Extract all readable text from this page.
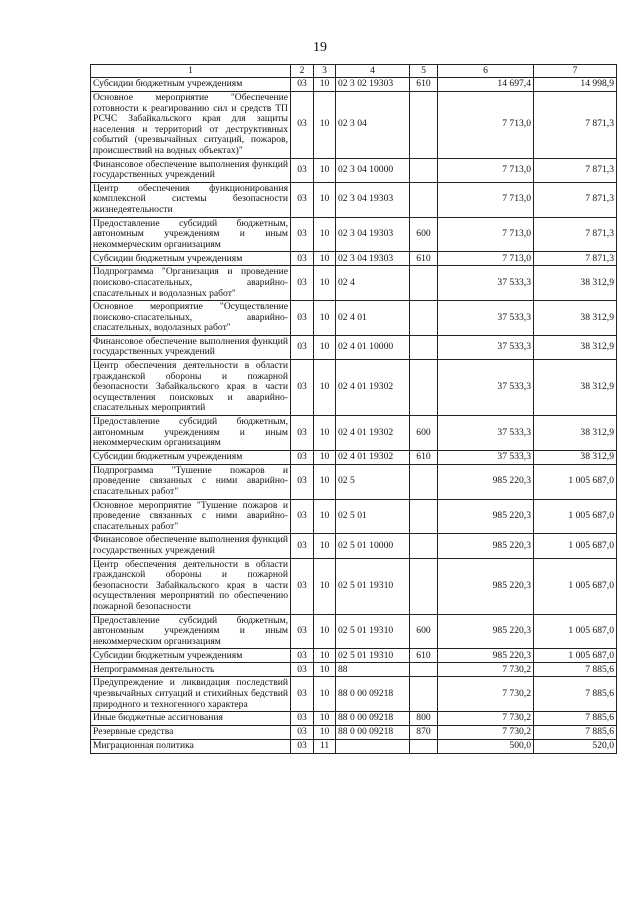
19
1	2	3	4	5	6	7
Субсидии бюджетным учреждениям	03	10	02 3 02 19303	610	14 697,4	14 998,9
Основное мероприятие "Обеспечение готовности к реагированию сил и средств ТП РСЧС Забайкальского края для защиты населения и территорий от деструктивных событий (чрезвычайных ситуаций, пожаров, происшествий на водных объектах)"	03	10	02 3 04		7 713,0	7 871,3
Финансовое обеспечение выполнения функций государственных учреждений	03	10	02 3 04 10000		7 713,0	7 871,3
Центр обеспечения функционирования комплексной системы безопасности жизнедеятельности	03	10	02 3 04 19303		7 713,0	7 871,3
Предоставление субсидий бюджетным, автономным учреждениям и иным некоммерческим организациям	03	10	02 3 04 19303	600	7 713,0	7 871,3
Субсидии бюджетным учреждениям	03	10	02 3 04 19303	610	7 713,0	7 871,3
Подпрограмма "Организация и проведение поисково-спасательных, аварийно-спасательных и водолазных работ"	03	10	02 4		37 533,3	38 312,9
Основное мероприятие "Осуществление поисково-спасательных, аварийно-спасательных, водолазных работ"	03	10	02 4 01		37 533,3	38 312,9
Финансовое обеспечение выполнения функций государственных учреждений	03	10	02 4 01 10000		37 533,3	38 312,9
Центр обеспечения деятельности в области гражданской обороны и пожарной безопасности Забайкальского края в части осуществления поисковых и аварийно-спасательных мероприятий	03	10	02 4 01 19302		37 533,3	38 312,9
Предоставление субсидий бюджетным, автономным учреждениям и иным некоммерческим организациям	03	10	02 4 01 19302	600	37 533,3	38 312,9
Субсидии бюджетным учреждениям	03	10	02 4 01 19302	610	37 533,3	38 312,9
Подпрограмма "Тушение пожаров и проведение связанных с ними аварийно-спасательных работ"	03	10	02 5		985 220,3	1 005 687,0
Основное мероприятие "Тушение пожаров и проведение связанных с ними аварийно-спасательных работ"	03	10	02 5 01		985 220,3	1 005 687,0
Финансовое обеспечение выполнения функций государственных учреждений	03	10	02 5 01 10000		985 220,3	1 005 687,0
Центр обеспечения деятельности в области гражданской обороны и пожарной безопасности Забайкальского края в части осуществления мероприятий по обеспечению пожарной безопасности	03	10	02 5 01 19310		985 220,3	1 005 687,0
Предоставление субсидий бюджетным, автономным учреждениям и иным некоммерческим организациям	03	10	02 5 01 19310	600	985 220,3	1 005 687,0
Субсидии бюджетным учреждениям	03	10	02 5 01 19310	610	985 220,3	1 005 687,0
Непрограммная деятельность	03	10	88		7 730,2	7 885,6
Предупреждение и ликвидация последствий чрезвычайных ситуаций и стихийных бедствий природного и техногенного характера	03	10	88 0 00 09218		7 730,2	7 885,6
Иные бюджетные ассигнования	03	10	88 0 00 09218	800	7 730,2	7 885,6
Резервные средства	03	10	88 0 00 09218	870	7 730,2	7 885,6
Миграционная политика	03	11			500,0	520,0
